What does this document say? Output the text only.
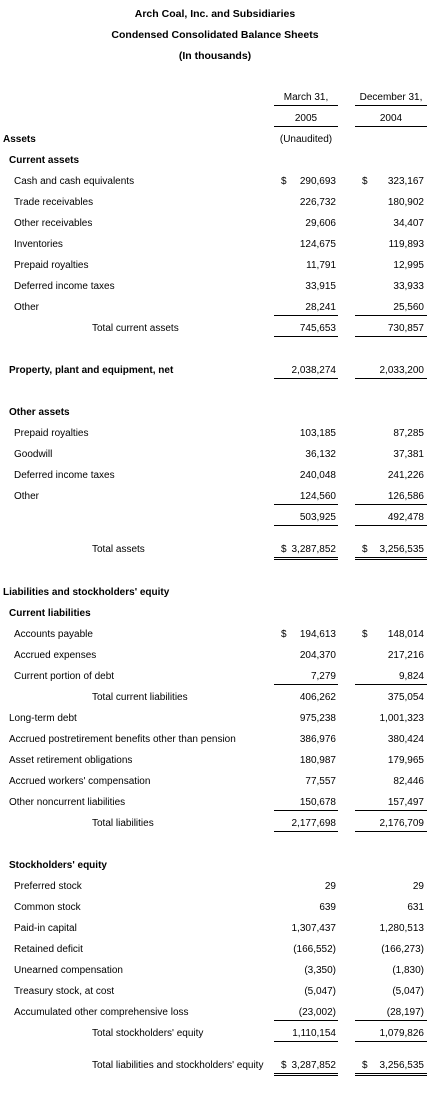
Arch Coal, Inc. and Subsidiaries
Condensed Consolidated Balance Sheets
(In thousands)
March 31,	December 31,
2005	2004
Assets	(Unaudited)
Current assets
Cash and cash equivalents	$ 290,693	$ 323,167
Trade receivables	226,732	180,902
Other receivables	29,606	34,407
Inventories	124,675	119,893
Prepaid royalties	11,791	12,995
Deferred income taxes	33,915	33,933
Other	28,241	25,560
Total current assets	745,653	730,857
Property, plant and equipment, net	2,038,274	2,033,200
Other assets
Prepaid royalties	103,185	87,285
Goodwill	36,132	37,381
Deferred income taxes	240,048	241,226
Other	124,560	126,586
503,925	492,478
Total assets	$ 3,287,852	$ 3,256,535
Liabilities and stockholders' equity
Current liabilities
Accounts payable	$ 194,613	$ 148,014
Accrued expenses	204,370	217,216
Current portion of debt	7,279	9,824
Total current liabilities	406,262	375,054
Long-term debt	975,238	1,001,323
Accrued postretirement benefits other than pension	386,976	380,424
Asset retirement obligations	180,987	179,965
Accrued workers' compensation	77,557	82,446
Other noncurrent liabilities	150,678	157,497
Total liabilities	2,177,698	2,176,709
Stockholders' equity
Preferred stock	29	29
Common stock	639	631
Paid-in capital	1,307,437	1,280,513
Retained deficit	(166,552)	(166,273)
Unearned compensation	(3,350)	(1,830)
Treasury stock, at cost	(5,047)	(5,047)
Accumulated other comprehensive loss	(23,002)	(28,197)
Total stockholders' equity	1,110,154	1,079,826
Total liabilities and stockholders' equity	$ 3,287,852	$ 3,256,535
